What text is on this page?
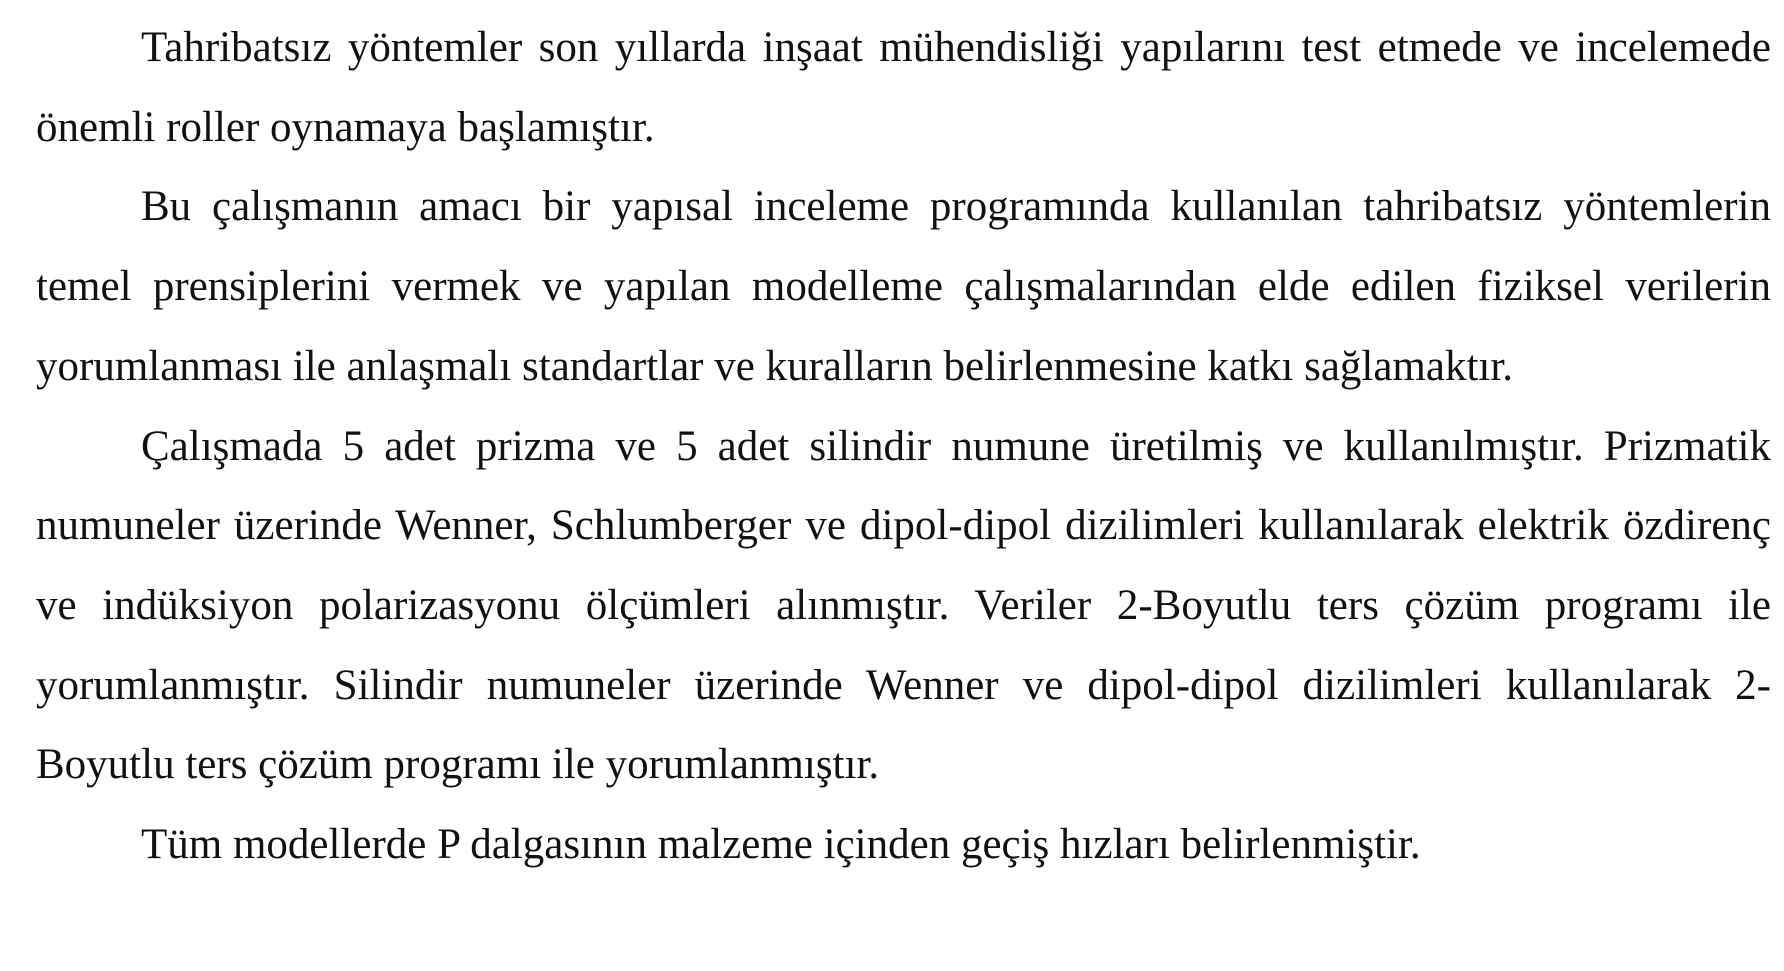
Tahribatsız yöntemler son yıllarda inşaat mühendisliği yapılarını test etmede ve incelemede önemli roller oynamaya başlamıştır.

Bu çalışmanın amacı bir yapısal inceleme programında kullanılan tahribatsız yöntemlerin temel prensiplerini vermek ve yapılan modelleme çalışmalarından elde edilen fiziksel verilerin yorumlanması ile anlaşmalı standartlar ve kuralların belirlenmesine katkı sağlamaktır.

Çalışmada 5 adet prizma ve 5 adet silindir numune üretilmiş ve kullanılmıştır. Prizmatik numuneler üzerinde Wenner, Schlumberger ve dipol-dipol dizilimleri kullanılarak elektrik özdirenç ve indüksiyon polarizasyonu ölçümleri alınmıştır. Veriler 2-Boyutlu ters çözüm programı ile yorumlanmıştır. Silindir numuneler üzerinde Wenner ve dipol-dipol dizilimleri kullanılarak 2-Boyutlu ters çözüm programı ile yorumlanmıştır.

Tüm modellerde P dalgasının malzeme içinden geçiş hızları belirlenmiştir.
